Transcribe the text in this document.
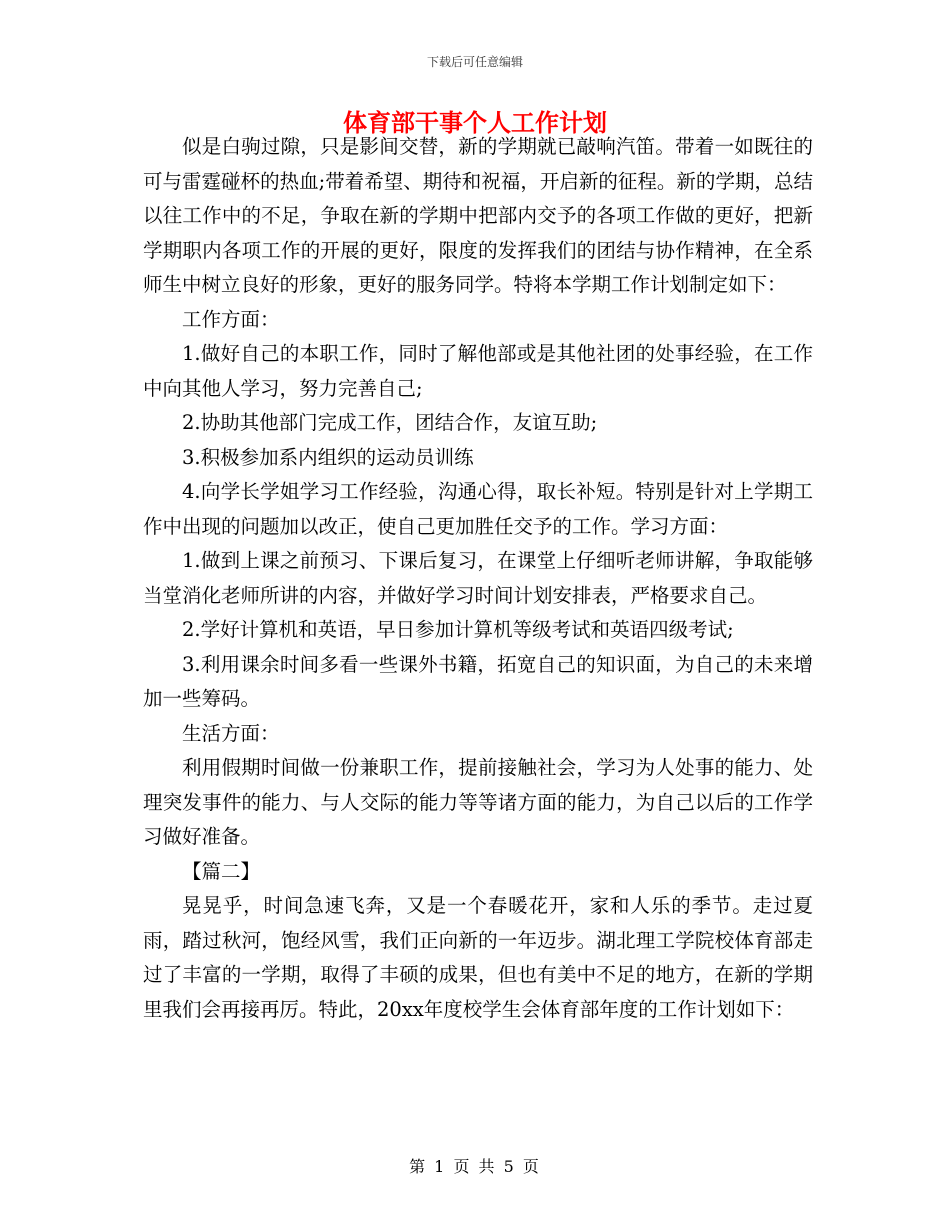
下载后可任意编辑
体育部干事个人工作计划

似是白驹过隙，只是影间交替，新的学期就已敲响汽笛。带着一如既往的可与雷霆碰杯的热血;带着希望、期待和祝福，开启新的征程。新的学期，总结以往工作中的不足，争取在新的学期中把部内交予的各项工作做的更好，把新学期职内各项工作的开展的更好，限度的发挥我们的团结与协作精神，在全系师生中树立良好的形象，更好的服务同学。特将本学期工作计划制定如下：

工作方面：

1.做好自己的本职工作，同时了解他部或是其他社团的处事经验，在工作中向其他人学习，努力完善自己;

2.协助其他部门完成工作，团结合作，友谊互助;

3.积极参加系内组织的运动员训练

4.向学长学姐学习工作经验，沟通心得，取长补短。特别是针对上学期工作中出现的问题加以改正，使自己更加胜任交予的工作。学习方面：

1.做到上课之前预习、下课后复习，在课堂上仔细听老师讲解，争取能够当堂消化老师所讲的内容，并做好学习时间计划安排表，严格要求自己。

2.学好计算机和英语，早日参加计算机等级考试和英语四级考试;

3.利用课余时间多看一些课外书籍，拓宽自己的知识面，为自己的未来增加一些筹码。

生活方面：

利用假期时间做一份兼职工作，提前接触社会，学习为人处事的能力、处理突发事件的能力、与人交际的能力等等诸方面的能力，为自己以后的工作学习做好准备。

【篇二】

晃晃乎，时间急速飞奔，又是一个春暖花开，家和人乐的季节。走过夏雨，踏过秋河，饱经风雪，我们正向新的一年迈步。湖北理工学院校体育部走过了丰富的一学期，取得了丰硕的成果，但也有美中不足的地方，在新的学期里我们会再接再厉。特此，20xx年度校学生会体育部年度的工作计划如下：

第 1 页 共 5 页
